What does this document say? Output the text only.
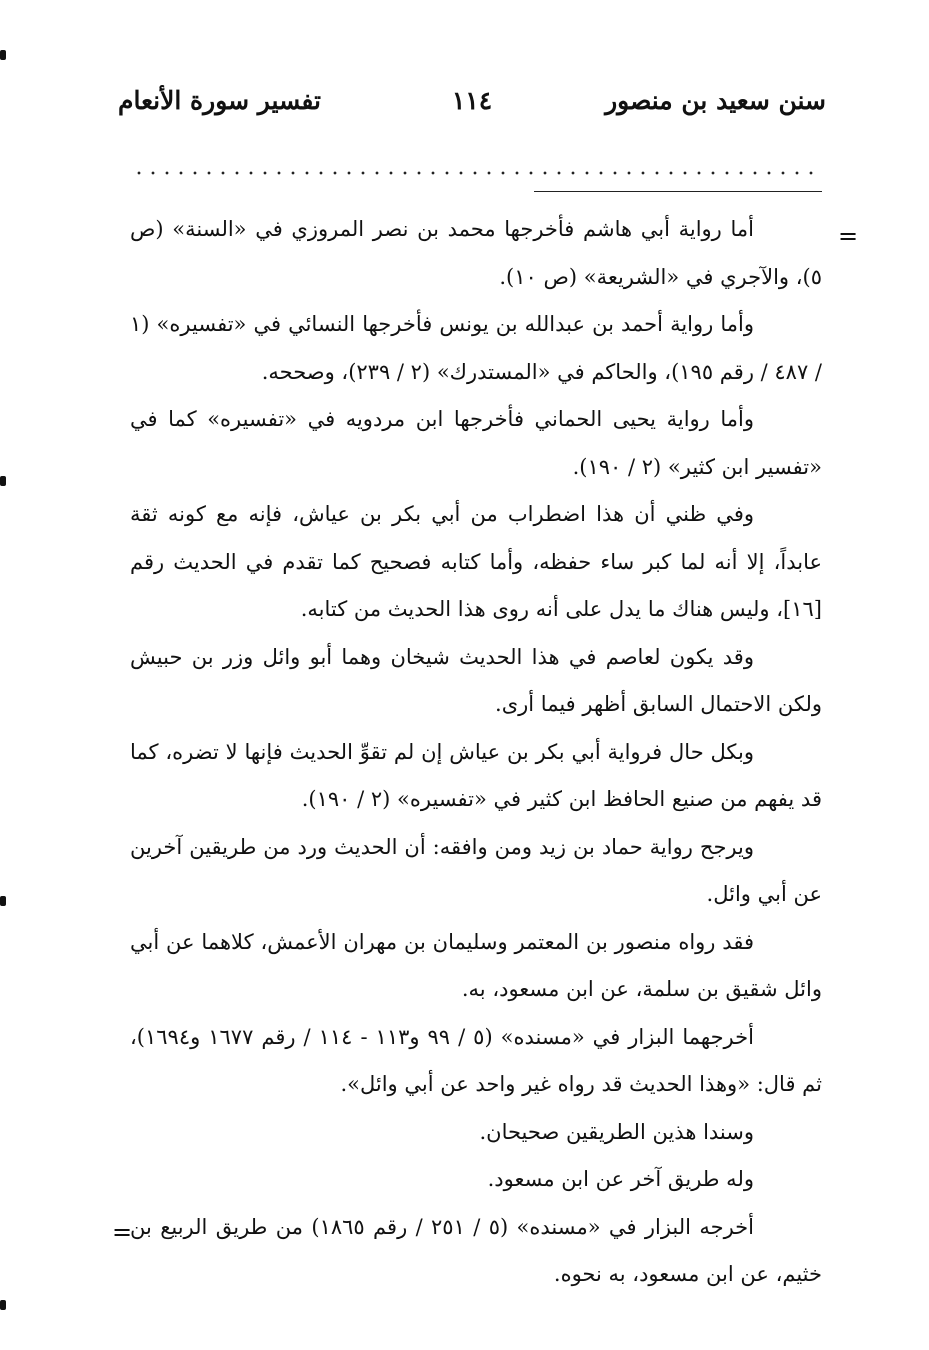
سنن سعيد بن منصور
١١٤
تفسير سورة الأنعام
=
=

أما رواية أبي هاشم فأخرجها محمد بن نصر المروزي في «السنة» (ص ٥)، والآجري في «الشريعة» (ص ١٠).

وأما رواية أحمد بن عبدالله بن يونس فأخرجها النسائي في «تفسيره» (١ / ٤٨٧ / رقم ١٩٥)، والحاكم في «المستدرك» (٢ / ٢٣٩)، وصححه.

وأما رواية يحيى الحماني فأخرجها ابن مردويه في «تفسيره» كما في «تفسير ابن كثير» (٢ / ١٩٠).

وفي ظني أن هذا اضطراب من أبي بكر بن عياش، فإنه مع كونه ثقة عابداً، إلا أنه لما كبر ساء حفظه، وأما كتابه فصحيح كما تقدم في الحديث رقم [١٦]، وليس هناك ما يدل على أنه روى هذا الحديث من كتابه.

وقد يكون لعاصم في هذا الحديث شيخان وهما أبو وائل وزر بن حبيش ولكن الاحتمال السابق أظهر فيما أرى.

وبكل حال فرواية أبي بكر بن عياش إن لم تقوِّ الحديث فإنها لا تضره، كما قد يفهم من صنيع الحافظ ابن كثير في «تفسيره» (٢ / ١٩٠).

ويرجح رواية حماد بن زيد ومن وافقه: أن الحديث ورد من طريقين آخرين عن أبي وائل.

فقد رواه منصور بن المعتمر وسليمان بن مهران الأعمش، كلاهما عن أبي وائل شقيق بن سلمة، عن ابن مسعود، به.

أخرجهما البزار في «مسنده» (٥ / ٩٩ و١١٣ - ١١٤ / رقم ١٦٧٧ و١٦٩٤)، ثم قال: «وهذا الحديث قد رواه غير واحد عن أبي وائل».

وسندا هذين الطريقين صحيحان.

وله طريق آخر عن ابن مسعود.

أخرجه البزار في «مسنده» (٥ / ٢٥١ / رقم ١٨٦٥) من طريق الربيع بن خثيم، عن ابن مسعود، به نحوه.
